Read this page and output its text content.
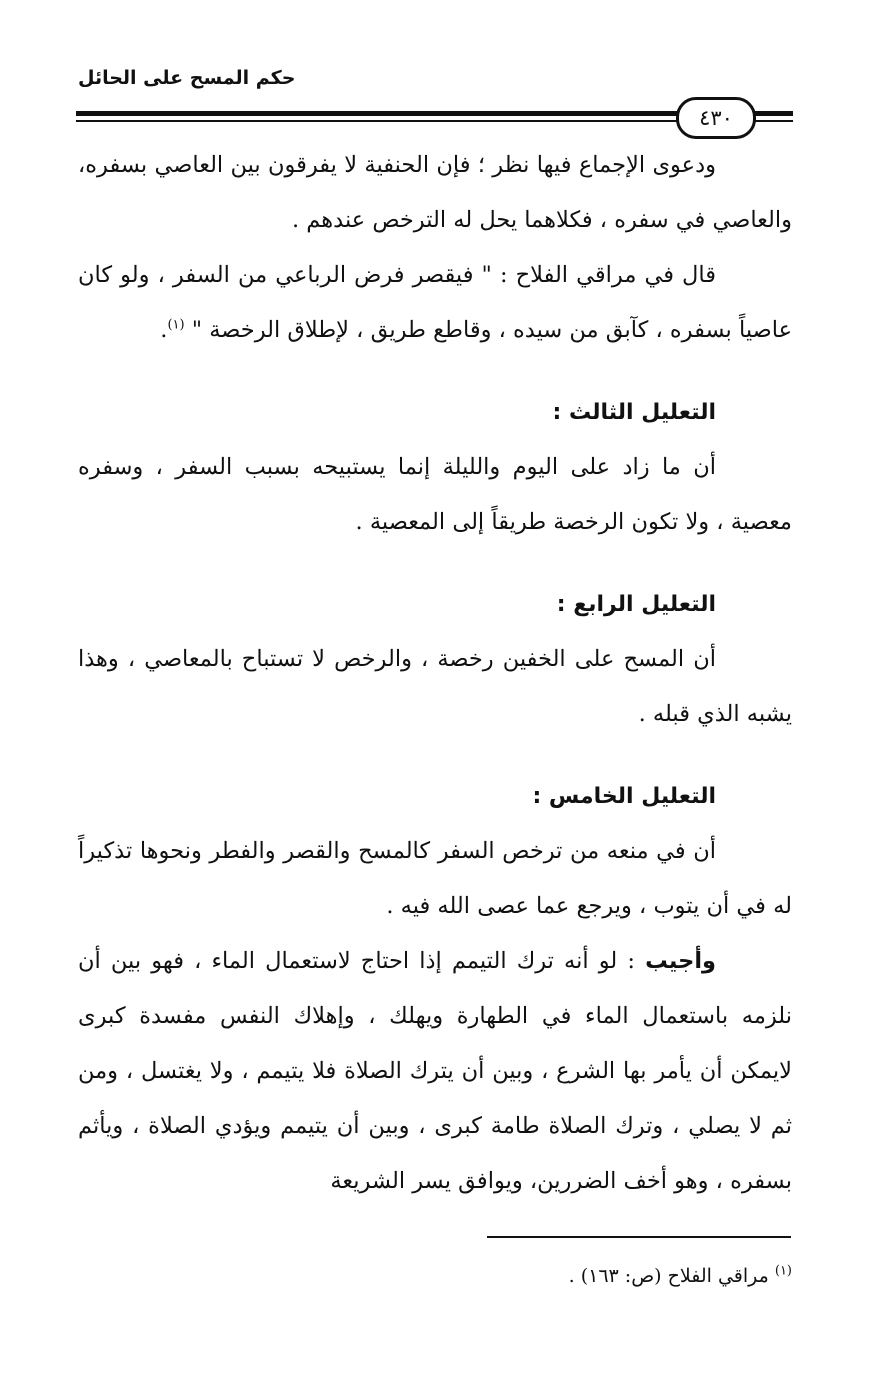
حكم المسح على الحائل
٤٣٠

ودعوى الإجماع فيها نظر ؛ فإن الحنفية لا يفرقون بين العاصي بسفره، والعاصي في سفره ، فكلاهما يحل له الترخص عندهم .

قال في مراقي الفلاح : " فيقصر فرض الرباعي من السفر ، ولو كان عاصياً بسفره ، كآبق من سيده ، وقاطع طريق ، لإطلاق الرخصة " $^{(١)}$.

التعليل الثالث :

أن ما زاد على اليوم والليلة إنما يستبيحه بسبب السفر ، وسفره معصية ، ولا تكون الرخصة طريقاً إلى المعصية .

التعليل الرابع :

أن المسح على الخفين رخصة ، والرخص لا تستباح بالمعاصي ، وهذا يشبه الذي قبله .

التعليل الخامس :

أن في منعه من ترخص السفر كالمسح والقصر والفطر ونحوها تذكيراً له في أن يتوب ، ويرجع عما عصى الله فيه .

وأجيب : لو أنه ترك التيمم إذا احتاج لاستعمال الماء ، فهو بين أن نلزمه باستعمال الماء في الطهارة ويهلك ، وإهلاك النفس مفسدة كبرى لايمكن أن يأمر بها الشرع ، وبين أن يترك الصلاة فلا يتيمم ، ولا يغتسل ، ومن ثم لا يصلي ، وترك الصلاة طامة كبرى ، وبين أن يتيمم ويؤدي الصلاة ، ويأثم بسفره ، وهو أخف الضررين، ويوافق يسر الشريعة

$^{(١)}$ مراقي الفلاح (ص: ١٦٣) .
